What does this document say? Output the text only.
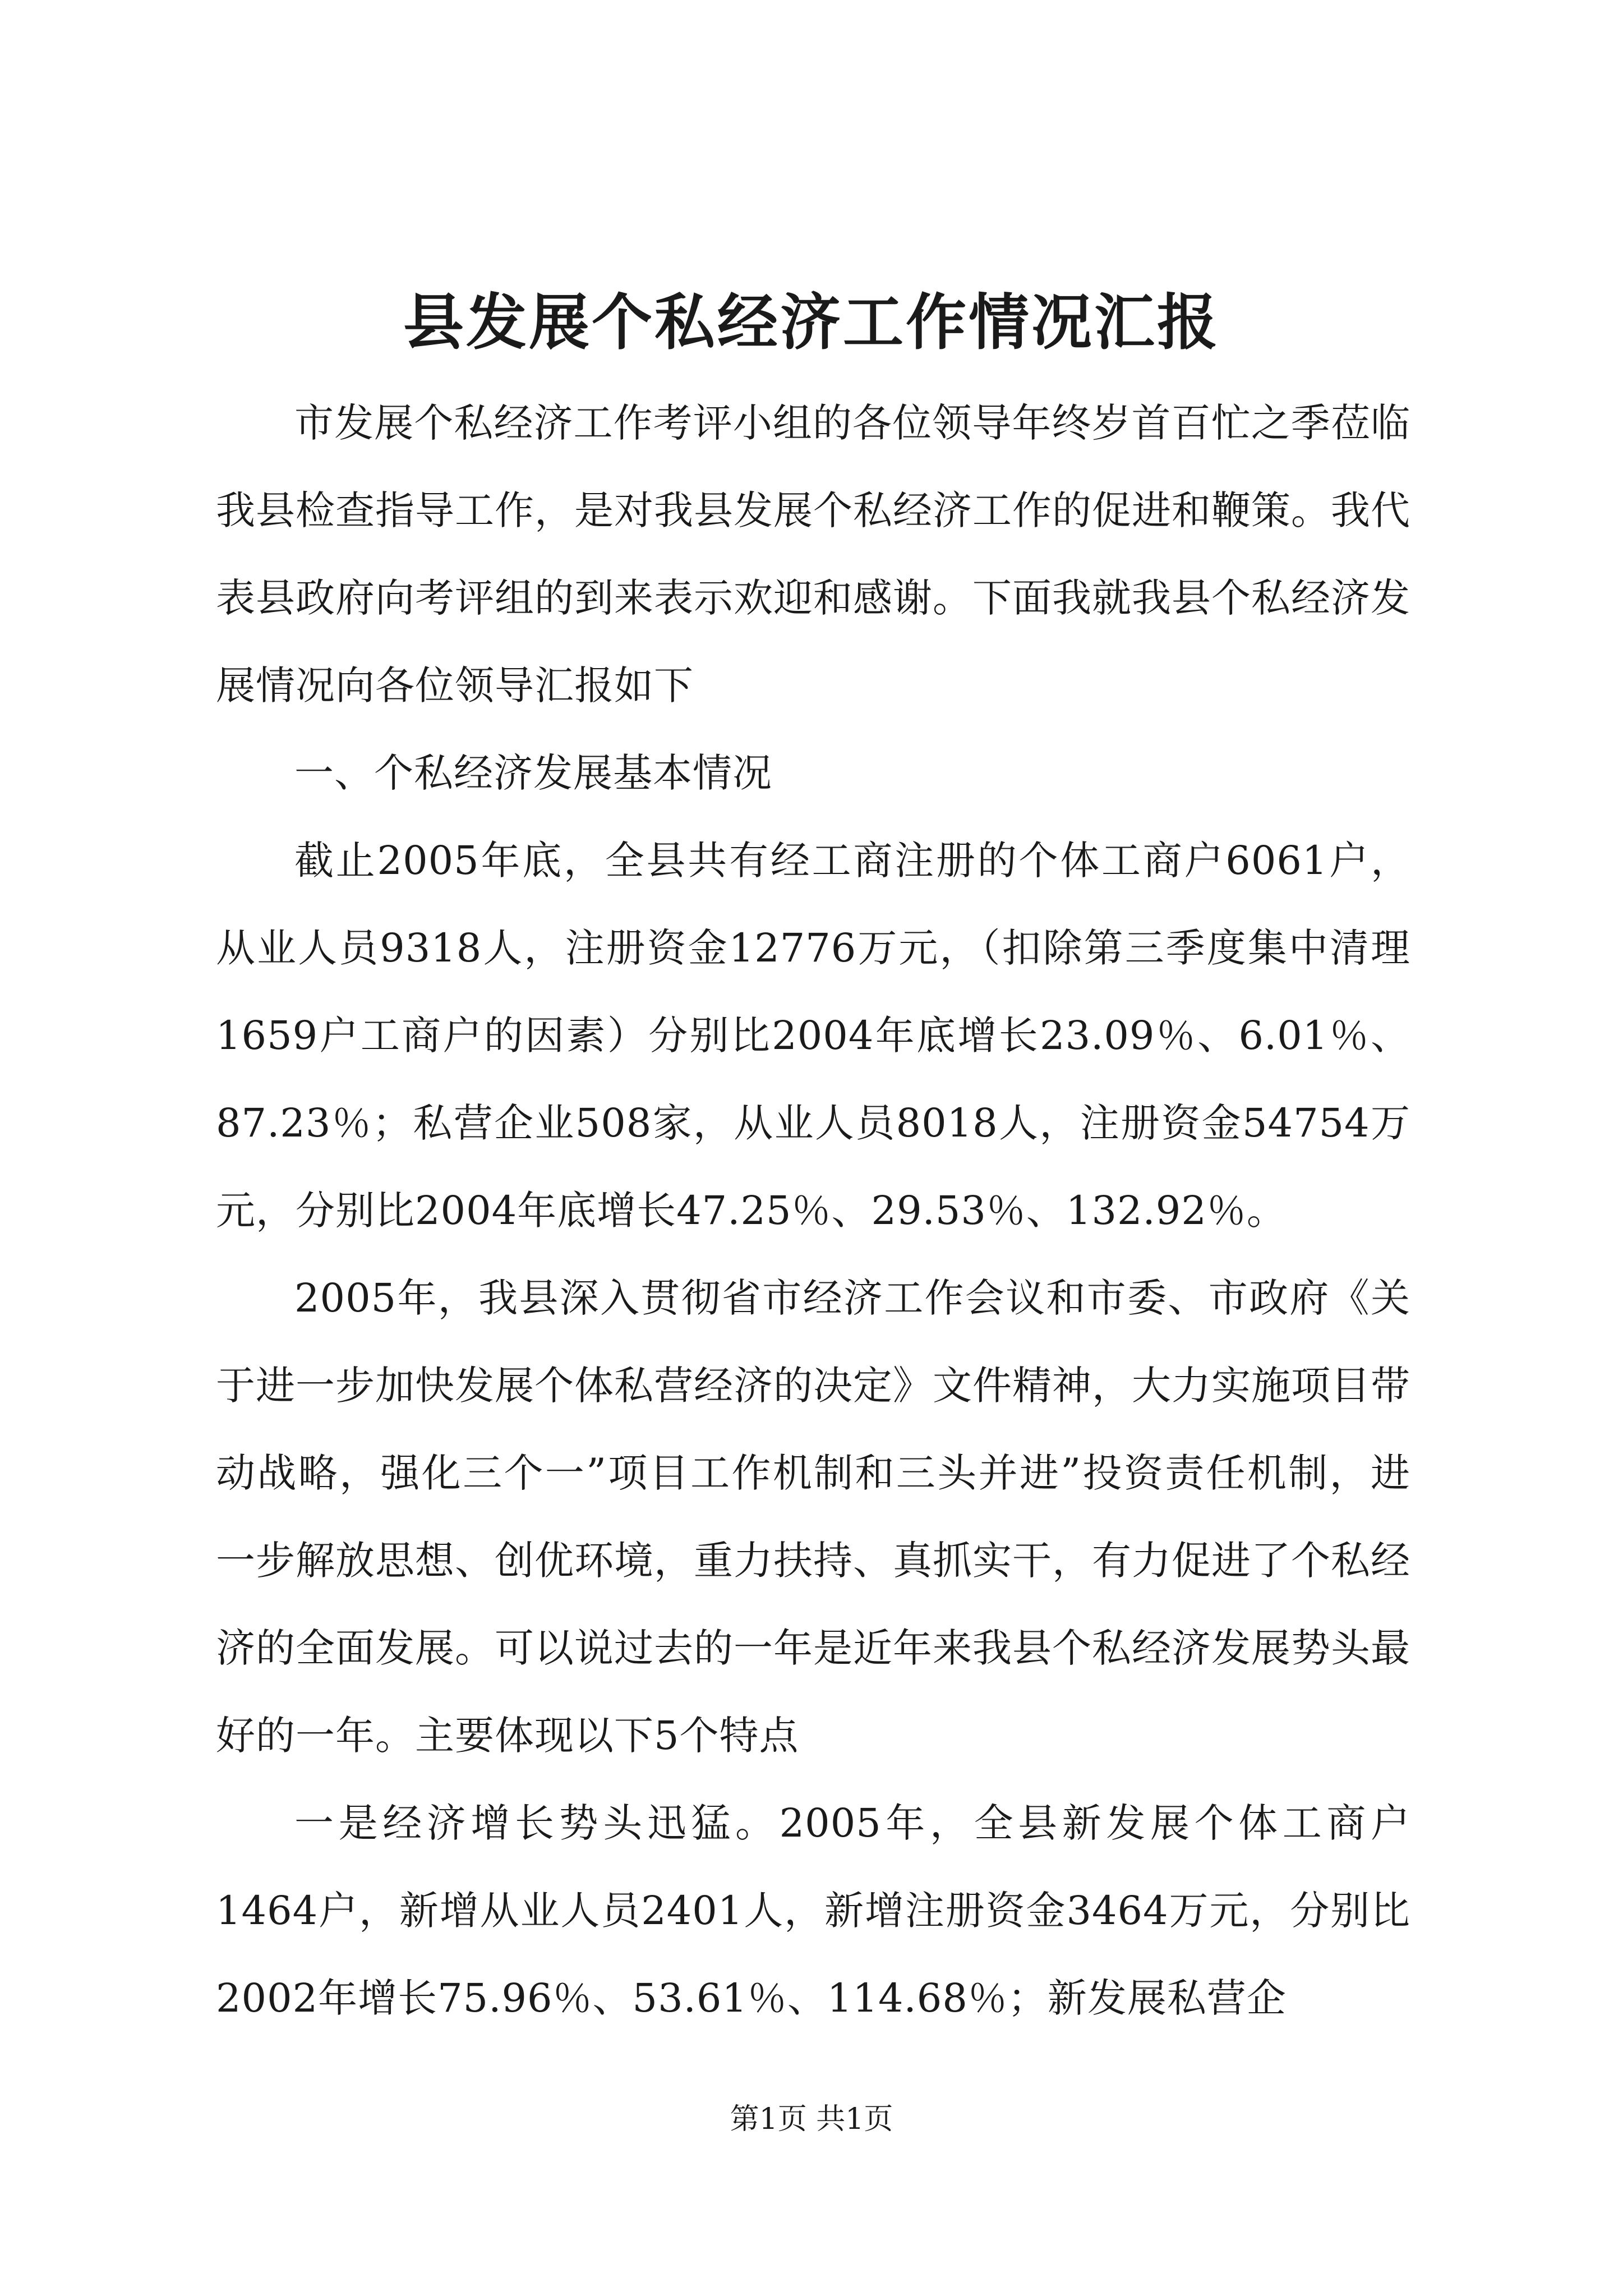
县发展个私经济工作情况汇报

市发展个私经济工作考评小组的各位领导年终岁首百忙之季莅临我县检查指导工作，是对我县发展个私经济工作的促进和鞭策。我代表县政府向考评组的到来表示欢迎和感谢。下面我就我县个私经济发展情况向各位领导汇报如下

一、个私经济发展基本情况

截止2005年底，全县共有经工商注册的个体工商户6061户，从业人员9318人，注册资金12776万元，（扣除第三季度集中清理1659户工商户的因素）分别比2004年底增长23.09％、6.01％、87.23％；私营企业508家，从业人员8018人，注册资金54754万元，分别比2004年底增长47.25％、29.53％、132.92％。

2005年，我县深入贯彻省市经济工作会议和市委、市政府《关于进一步加快发展个体私营经济的决定》文件精神，大力实施项目带动战略，强化三个一”项目工作机制和三头并进”投资责任机制，进一步解放思想、创优环境，重力扶持、真抓实干，有力促进了个私经济的全面发展。可以说过去的一年是近年来我县个私经济发展势头最好的一年。主要体现以下5个特点

一是经济增长势头迅猛。2005年，全县新发展个体工商户1464户，新增从业人员2401人，新增注册资金3464万元，分别比2002年增长75.96％、53.61％、114.68％；新发展私营企

第1页 共1页
